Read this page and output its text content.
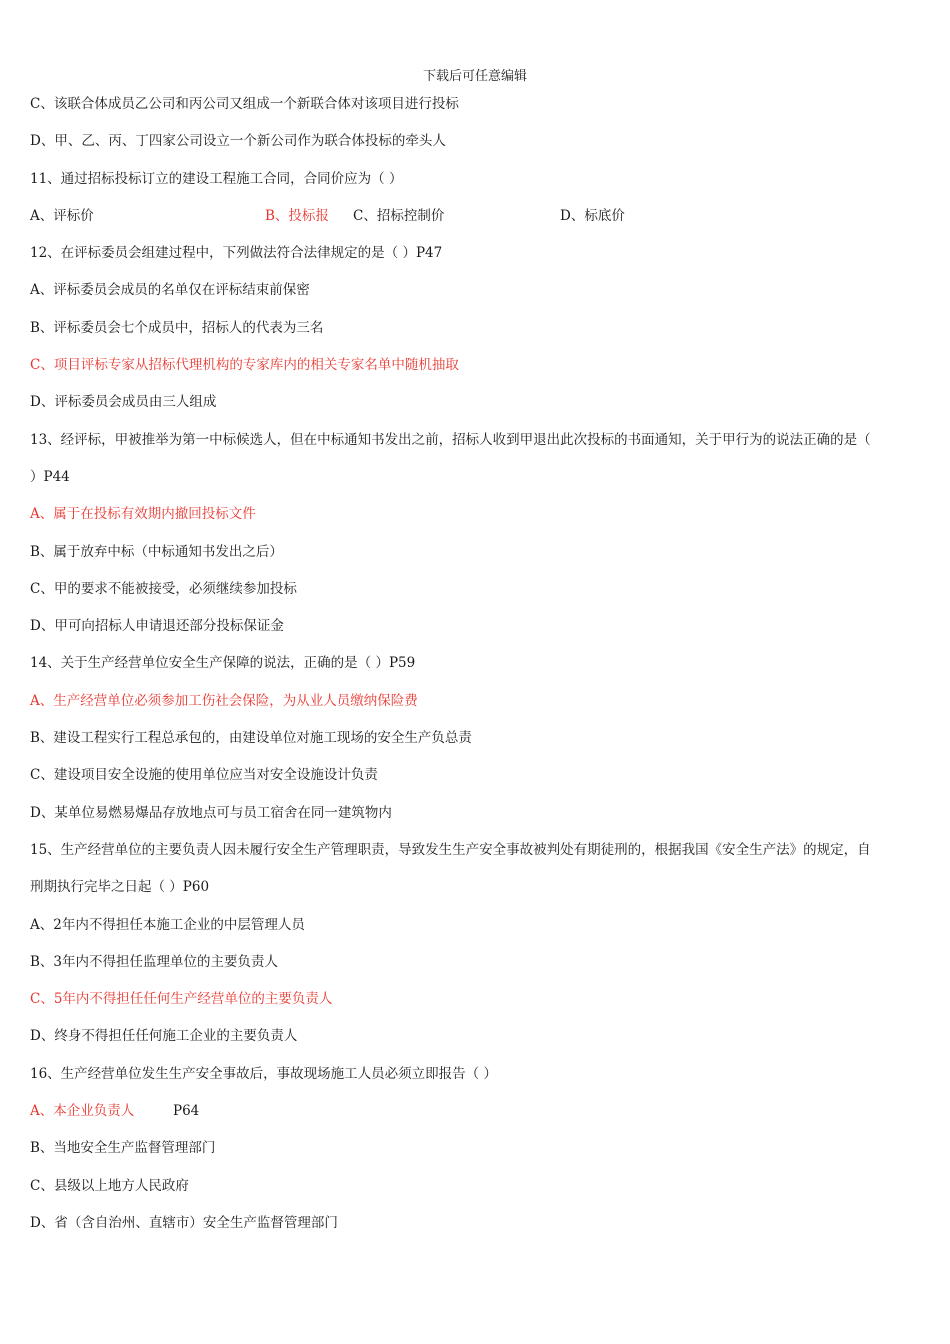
下载后可任意编辑
C、该联合体成员乙公司和丙公司又组成一个新联合体对该项目进行投标
D、甲、乙、丙、丁四家公司设立一个新公司作为联合体投标的牵头人
11、通过招标投标订立的建设工程施工合同，合同价应为（ ）
A、评标价	B、投标报 C、招标控制价	D、标底价
12、在评标委员会组建过程中，下列做法符合法律规定的是（ ）P47
A、评标委员会成员的名单仅在评标结束前保密
B、评标委员会七个成员中，招标人的代表为三名
C、项目评标专家从招标代理机构的专家库内的相关专家名单中随机抽取
D、评标委员会成员由三人组成
13、经评标，甲被推举为第一中标候选人，但在中标通知书发出之前，招标人收到甲退出此次投标的书面通知，关于甲行为的说法正确的是（
）P44
A、属于在投标有效期内撤回投标文件
B、属于放弃中标（中标通知书发出之后）
C、甲的要求不能被接受，必须继续参加投标
D、甲可向招标人申请退还部分投标保证金
14、关于生产经营单位安全生产保障的说法，正确的是（ ）P59
A、生产经营单位必须参加工伤社会保险，为从业人员缴纳保险费
B、建设工程实行工程总承包的，由建设单位对施工现场的安全生产负总责
C、建设项目安全设施的使用单位应当对安全设施设计负责
D、某单位易燃易爆品存放地点可与员工宿舍在同一建筑物内
15、生产经营单位的主要负责人因未履行安全生产管理职责，导致发生生产安全事故被判处有期徒刑的，根据我国《安全生产法》的规定，自
刑期执行完毕之日起（ ）P60
A、2年内不得担任本施工企业的中层管理人员
B、3年内不得担任监理单位的主要负责人
C、5年内不得担任任何生产经营单位的主要负责人
D、终身不得担任任何施工企业的主要负责人
16、生产经营单位发生生产安全事故后，事故现场施工人员必须立即报告（ ）
A、本企业负责人	P64
B、当地安全生产监督管理部门
C、县级以上地方人民政府
D、省（含自治州、直辖市）安全生产监督管理部门
